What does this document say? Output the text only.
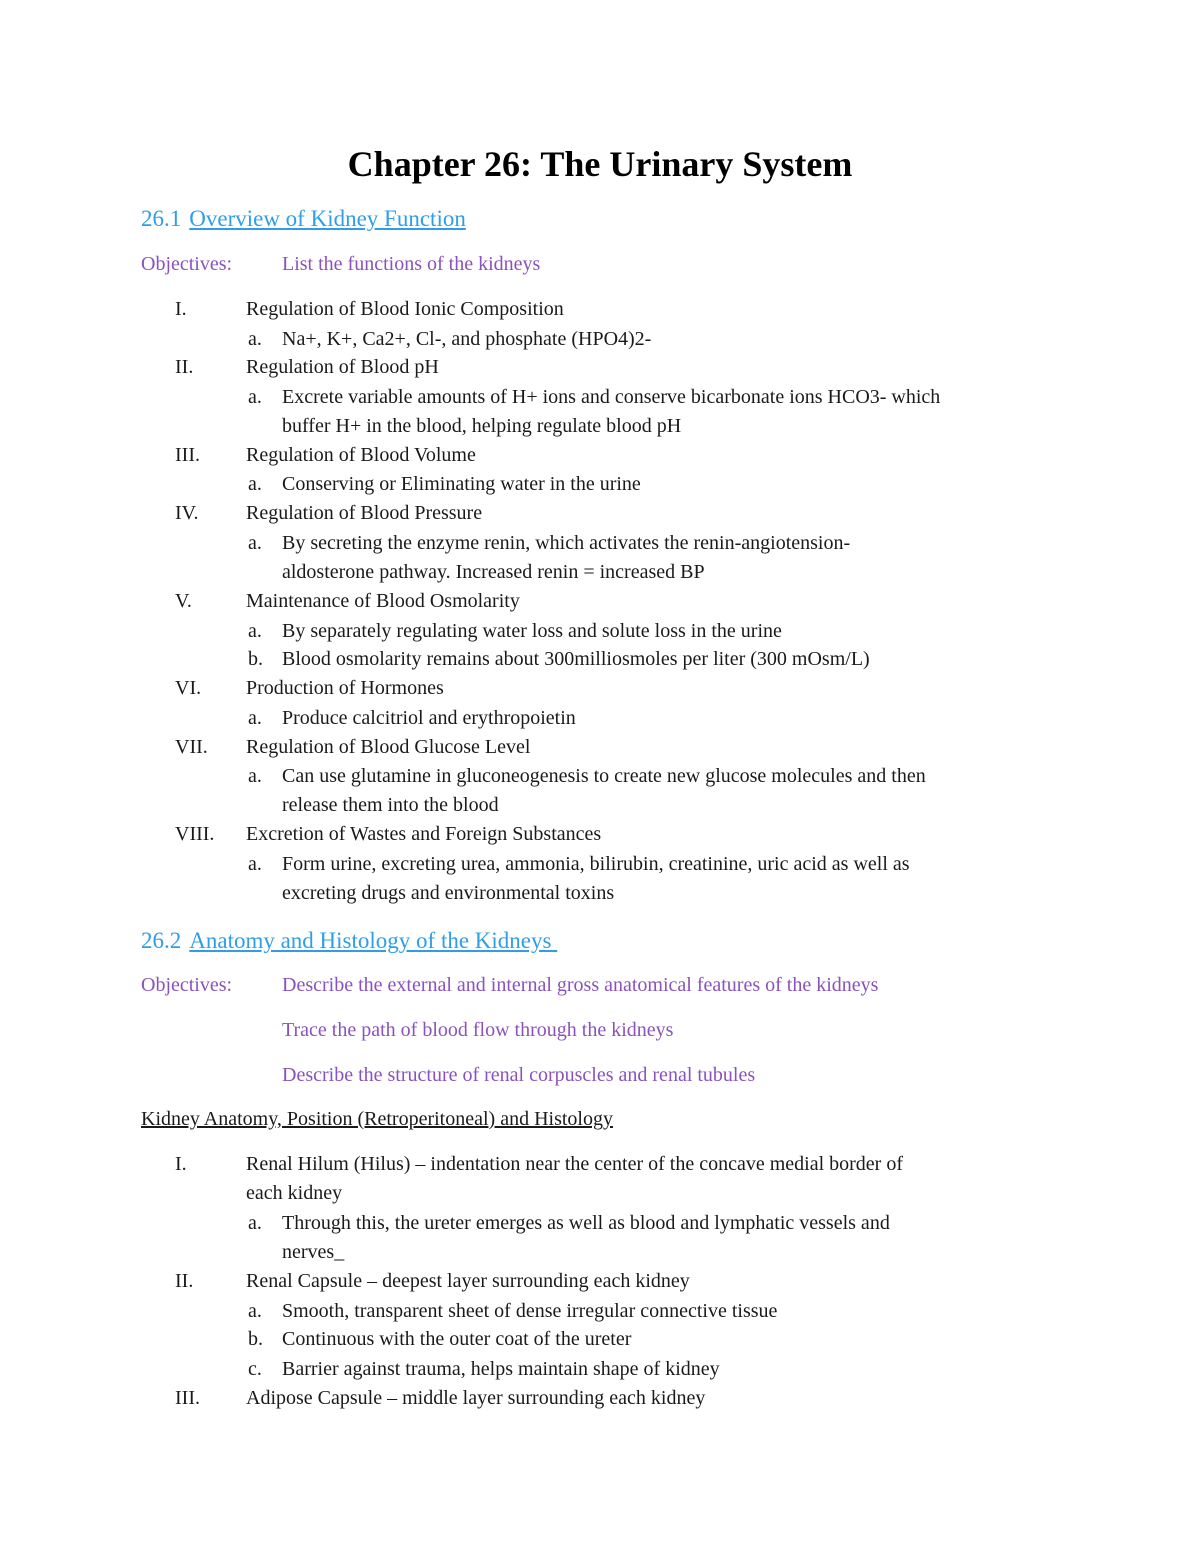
Chapter 26: The Urinary System
26.1 Overview of Kidney Function
Objectives: List the functions of the kidneys
I.	Regulation of Blood Ionic Composition
a. Na+, K+, Ca2+, Cl-, and phosphate (HPO4)2-
II.	Regulation of Blood pH
a. Excrete variable amounts of H+ ions and conserve bicarbonate ions HCO3- which
buffer H+ in the blood, helping regulate blood pH
III. Regulation of Blood Volume
a. Conserving or Eliminating water in the urine
IV. Regulation of Blood Pressure
a. By secreting the enzyme renin, which activates the renin-angiotension-
aldosterone pathway. Increased renin = increased BP
V.	Maintenance of Blood Osmolarity
a. By separately regulating water loss and solute loss in the urine
b. Blood osmolarity remains about 300milliosmoles per liter (300 mOsm/L)
VI. Production of Hormones
a. Produce calcitriol and erythropoietin
VII. Regulation of Blood Glucose Level
a. Can use glutamine in gluconeogenesis to create new glucose molecules and then
release them into the blood
VIII. Excretion of Wastes and Foreign Substances
a. Form urine, excreting urea, ammonia, bilirubin, creatinine, uric acid as well as
excreting drugs and environmental toxins
26.2 Anatomy and Histology of the Kidneys
Objectives: Describe the external and internal gross anatomical features of the kidneys
Trace the path of blood flow through the kidneys
Describe the structure of renal corpuscles and renal tubules
Kidney Anatomy, Position (Retroperitoneal) and Histology
I.	Renal Hilum (Hilus) – indentation near the center of the concave medial border of
each kidney
a. Through this, the ureter emerges as well as blood and lymphatic vessels and
nerves_
II.	Renal Capsule – deepest layer surrounding each kidney
a. Smooth, transparent sheet of dense irregular connective tissue
b. Continuous with the outer coat of the ureter
c. Barrier against trauma, helps maintain shape of kidney
III. Adipose Capsule – middle layer surrounding each kidney
